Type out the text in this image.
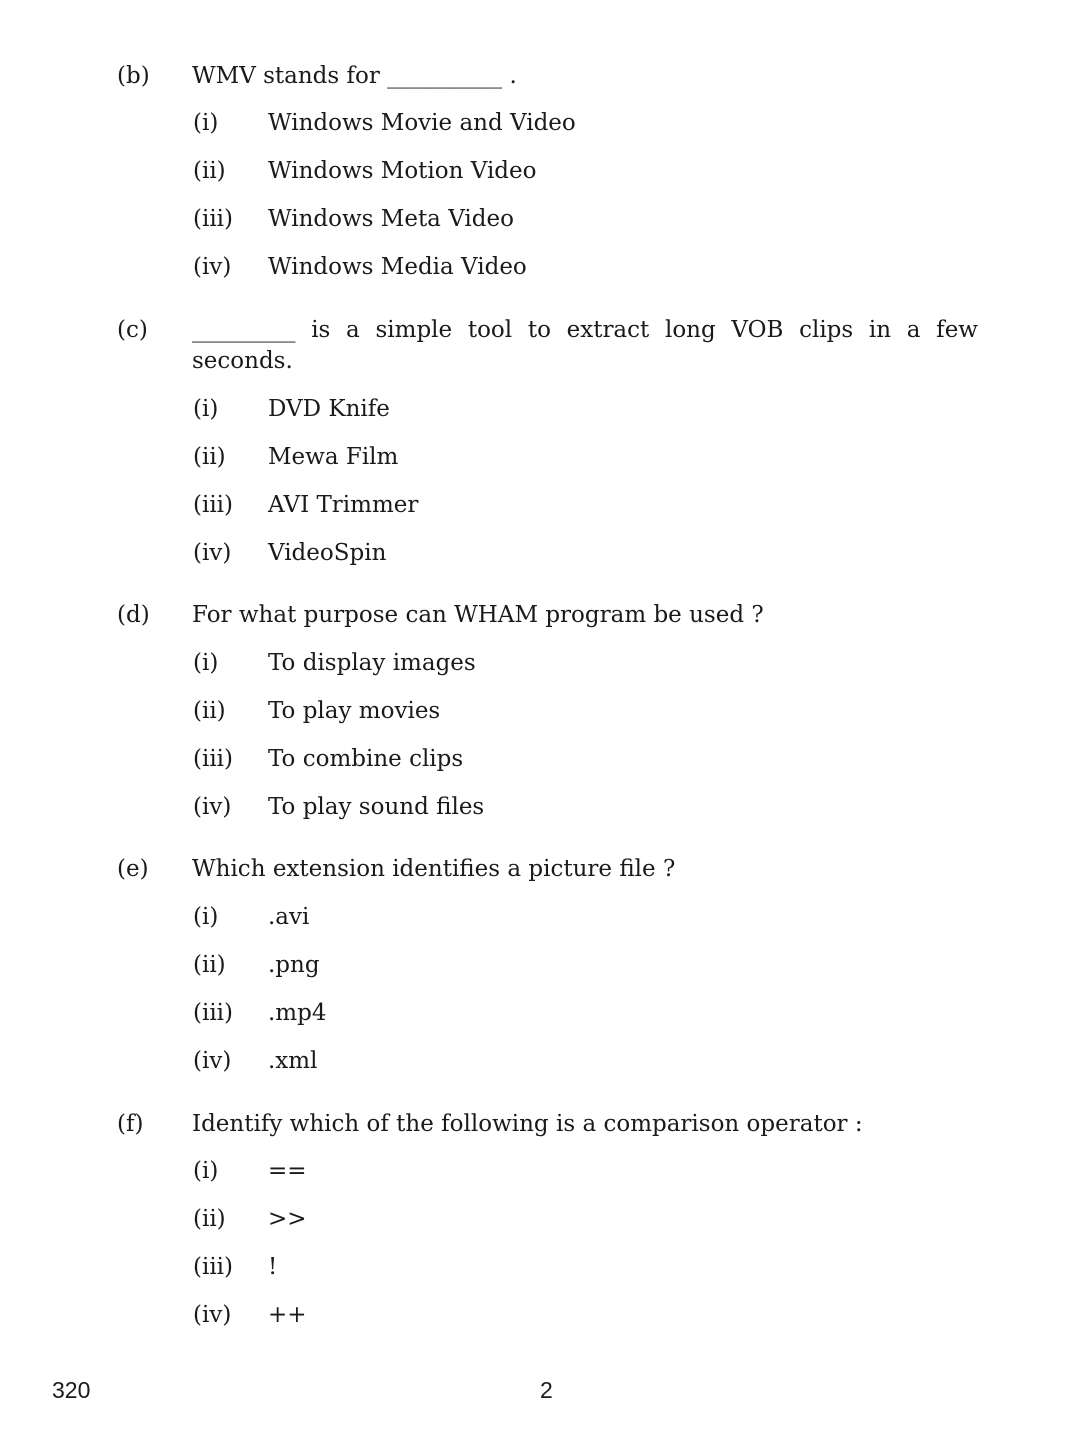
(b) WMV stands for __________ .
(i) Windows Movie and Video
(ii) Windows Motion Video
(iii) Windows Meta Video
(iv) Windows Media Video
(c) _________ is a simple tool to extract long VOB clips in a few seconds.
(i) DVD Knife
(ii) Mewa Film
(iii) AVI Trimmer
(iv) VideoSpin
(d) For what purpose can WHAM program be used ?
(i) To display images
(ii) To play movies
(iii) To combine clips
(iv) To play sound files
(e) Which extension identifies a picture file ?
(i) .avi
(ii) .png
(iii) .mp4
(iv) .xml
(f) Identify which of the following is a comparison operator :
(i) ==
(ii) >>
(iii) !
(iv) ++
320	2
